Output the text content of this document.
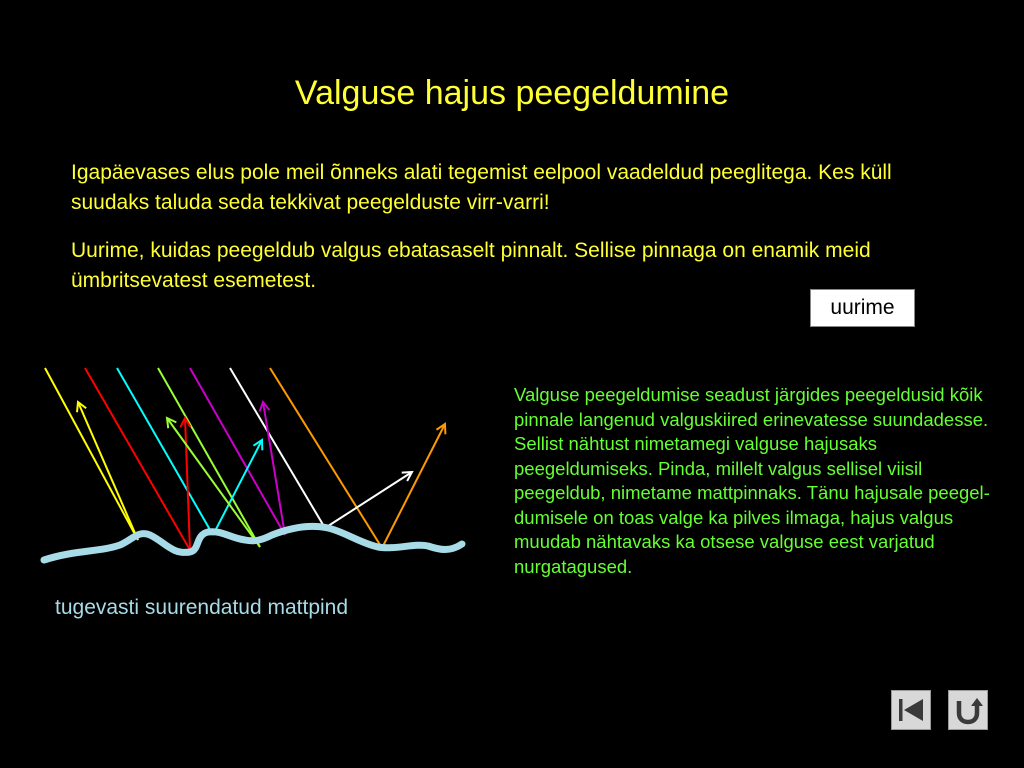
Valguse hajus peegeldumine

Igapäevases elus pole meil õnneks alati tegemist eelpool vaadeldud peeglitega. Kes küll suudaks taluda seda tekkivat peegelduste virr-varri!

Uurime, kuidas peegeldub valgus ebatasaselt pinnalt. Sellise pinnaga on enamik meid ümbritsevatest esemetest.

uurime
tugevasti suurendatud mattpind

Valguse peegeldumise seadust järgides peegeldusid kõik pinnale langenud valguskiired erinevatesse suundadesse. Sellist nähtust nimetamegi valguse hajusaks peegeldumiseks. Pinda, millelt valgus sellisel viisil peegeldub, nimetame mattpinnaks. Tänu hajusale peegel-dumisele on toas valge ka pilves ilmaga, hajus valgus muudab nähtavaks ka otsese valguse eest varjatud nurgatagused.
